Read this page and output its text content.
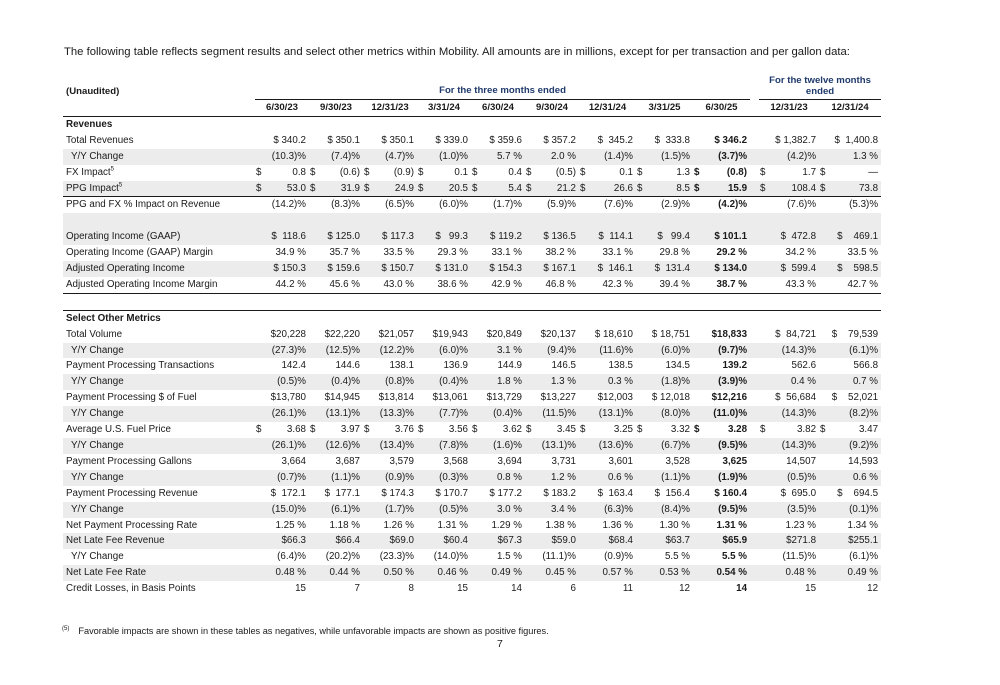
The following table reflects segment results and select other metrics within Mobility. All amounts are in millions, except for per transaction and per gallon data:
(Unaudited)	For the three months ended										For the twelve months
ended	
	6/30/23	9/30/23	12/31/23	3/31/24	6/30/24	9/30/24	12/31/24	3/31/25	6/30/25		12/31/23	12/31/24
Revenues												
Total Revenues	$ 340.2	$ 350.1	$ 350.1	$ 339.0	$ 359.6	$ 357.2	$  345.2	$  333.8	$ 346.2		$ 1,382.7	$  1,400.8
Y/Y Change	(10.3)%	(7.4)%	(4.7)%	(1.0)%	5.7 %	2.0 %	(1.4)%	(1.5)%	(3.7)%		(4.2)%	1.3 %
FX Impact$^5$	$ 0.8	$ (0.6)	$ (0.9)	$ 0.1	$ 0.4	$ (0.5)	$ 0.1	$ 1.3	$ (0.8)		$ 1.7	$ —
PPG Impact$^5$	$ 53.0	$ 31.9	$ 24.9	$ 20.5	$ 5.4	$ 21.2	$ 26.6	$ 8.5	$ 15.9		$ 108.4	$ 73.8
PPG and FX % Impact on Revenue	(14.2)%	(8.3)%	(6.5)%	(6.0)%	(1.7)%	(5.9)%	(7.6)%	(2.9)%	(4.2)%		(7.6)%	(5.3)%

Operating Income (GAAP)	$  118.6	$ 125.0	$ 117.3	$   99.3	$ 119.2	$ 136.5	$  114.1	$   99.4	$ 101.1		$  472.8	$    469.1
Operating Income (GAAP) Margin	34.9 %	35.7 %	33.5 %	29.3 %	33.1 %	38.2 %	33.1 %	29.8 %	29.2 %		34.2 %	33.5 %
Adjusted Operating Income	$ 150.3	$ 159.6	$ 150.7	$ 131.0	$ 154.3	$ 167.1	$  146.1	$  131.4	$ 134.0		$  599.4	$    598.5
Adjusted Operating Income Margin	44.2 %	45.6 %	43.0 %	38.6 %	42.9 %	46.8 %	42.3 %	39.4 %	38.7 %		43.3 %	42.7 %

Select Other Metrics												
Total Volume	$20,228	$22,220	$21,057	$19,943	$20,849	$20,137	$ 18,610	$ 18,751	$18,833		$  84,721	$    79,539
Y/Y Change	(27.3)%	(12.5)%	(12.2)%	(6.0)%	3.1 %	(9.4)%	(11.6)%	(6.0)%	(9.7)%		(14.3)%	(6.1)%
Payment Processing Transactions	142.4	144.6	138.1	136.9	144.9	146.5	138.5	134.5	139.2		562.6	566.8
Y/Y Change	(0.5)%	(0.4)%	(0.8)%	(0.4)%	1.8 %	1.3 %	0.3 %	(1.8)%	(3.9)%		0.4 %	0.7 %
Payment Processing $ of Fuel	$13,780	$14,945	$13,814	$13,061	$13,729	$13,227	$12,003	$ 12,018	$12,216		$  56,684	$    52,021
Y/Y Change	(26.1)%	(13.1)%	(13.3)%	(7.7)%	(0.4)%	(11.5)%	(13.1)%	(8.0)%	(11.0)%		(14.3)%	(8.2)%
Average U.S. Fuel Price	$ 3.68	$ 3.97	$ 3.76	$ 3.56	$ 3.62	$ 3.45	$ 3.25	$ 3.32	$ 3.28		$ 3.82	$ 3.47
Y/Y Change	(26.1)%	(12.6)%	(13.4)%	(7.8)%	(1.6)%	(13.1)%	(13.6)%	(6.7)%	(9.5)%		(14.3)%	(9.2)%
Payment Processing Gallons	3,664	3,687	3,579	3,568	3,694	3,731	3,601	3,528	3,625		14,507	14,593
Y/Y Change	(0.7)%	(1.1)%	(0.9)%	(0.3)%	0.8 %	1.2 %	0.6 %	(1.1)%	(1.9)%		(0.5)%	0.6 %
Payment Processing Revenue	$  172.1	$  177.1	$ 174.3	$ 170.7	$ 177.2	$ 183.2	$  163.4	$  156.4	$ 160.4		$  695.0	$    694.5
Y/Y Change	(15.0)%	(6.1)%	(1.7)%	(0.5)%	3.0 %	3.4 %	(6.3)%	(8.4)%	(9.5)%		(3.5)%	(0.1)%
Net Payment Processing Rate	1.25 %	1.18 %	1.26 %	1.31 %	1.29 %	1.38 %	1.36 %	1.30 %	1.31 %		1.23 %	1.34 %
Net Late Fee Revenue	$66.3	$66.4	$69.0	$60.4	$67.3	$59.0	$68.4	$63.7	$65.9		$271.8	$255.1
Y/Y Change	(6.4)%	(20.2)%	(23.3)%	(14.0)%	1.5 %	(11.1)%	(0.9)%	5.5 %	5.5 %		(11.5)%	(6.1)%
Net Late Fee Rate	0.48 %	0.44 %	0.50 %	0.46 %	0.49 %	0.45 %	0.57 %	0.53 %	0.54 %		0.48 %	0.49 %
Credit Losses, in Basis Points	15	7	8	15	14	6	11	12	14		15	12
$^{(5)}$ Favorable impacts are shown in these tables as negatives, while unfavorable impacts are shown as positive figures.
7
